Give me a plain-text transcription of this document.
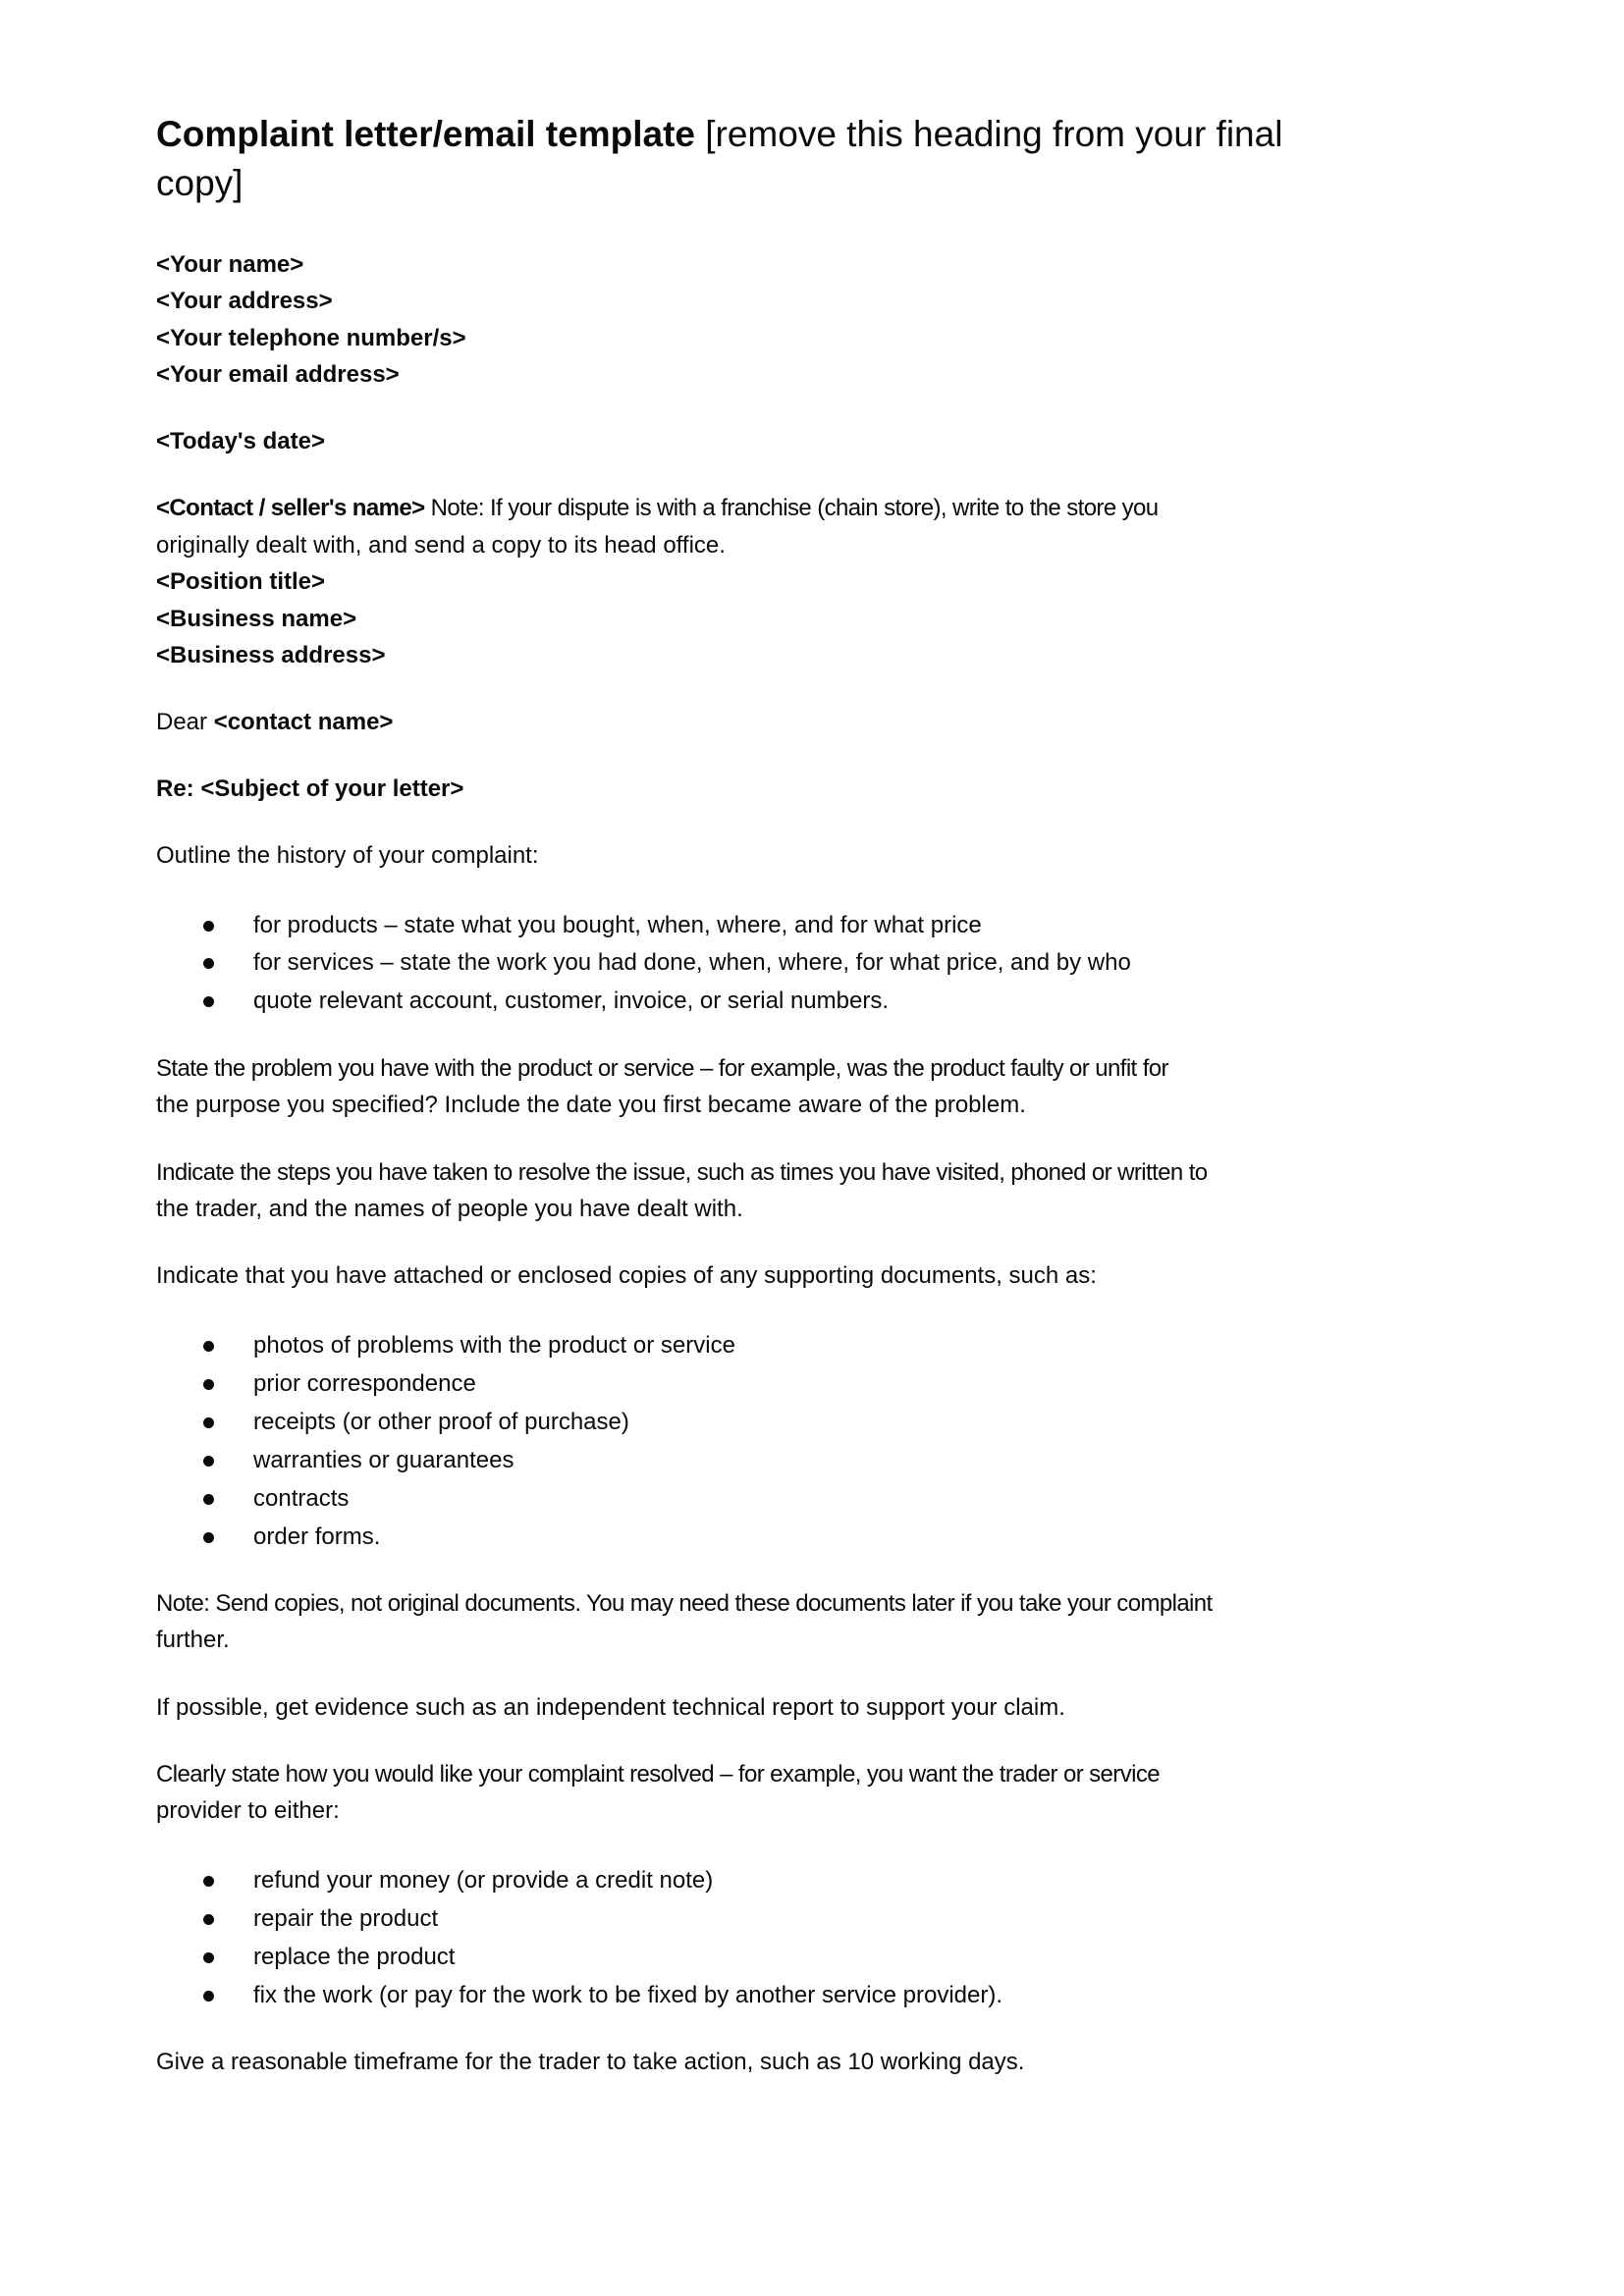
Complaint letter/email template [remove this heading from your final
copy]
<Your name>
<Your address>
<Your telephone number/s>
<Your email address>
<Today's date>
<Contact / seller's name> Note: If your dispute is with a franchise (chain store), write to the store you
originally dealt with, and send a copy to its head office.
<Position title>
<Business name>
<Business address>
Dear <contact name>
Re: <Subject of your letter>
Outline the history of your complaint:
for products – state what you bought, when, where, and for what price
for services – state the work you had done, when, where, for what price, and by who
quote relevant account, customer, invoice, or serial numbers.
State the problem you have with the product or service – for example, was the product faulty or unfit for
the purpose you specified? Include the date you first became aware of the problem.
Indicate the steps you have taken to resolve the issue, such as times you have visited, phoned or written to
the trader, and the names of people you have dealt with.
Indicate that you have attached or enclosed copies of any supporting documents, such as:
photos of problems with the product or service
prior correspondence
receipts (or other proof of purchase)
warranties or guarantees
contracts
order forms.
Note: Send copies, not original documents. You may need these documents later if you take your complaint
further.
If possible, get evidence such as an independent technical report to support your claim.
Clearly state how you would like your complaint resolved – for example, you want the trader or service
provider to either:
refund your money (or provide a credit note)
repair the product
replace the product
fix the work (or pay for the work to be fixed by another service provider).
Give a reasonable timeframe for the trader to take action, such as 10 working days.
